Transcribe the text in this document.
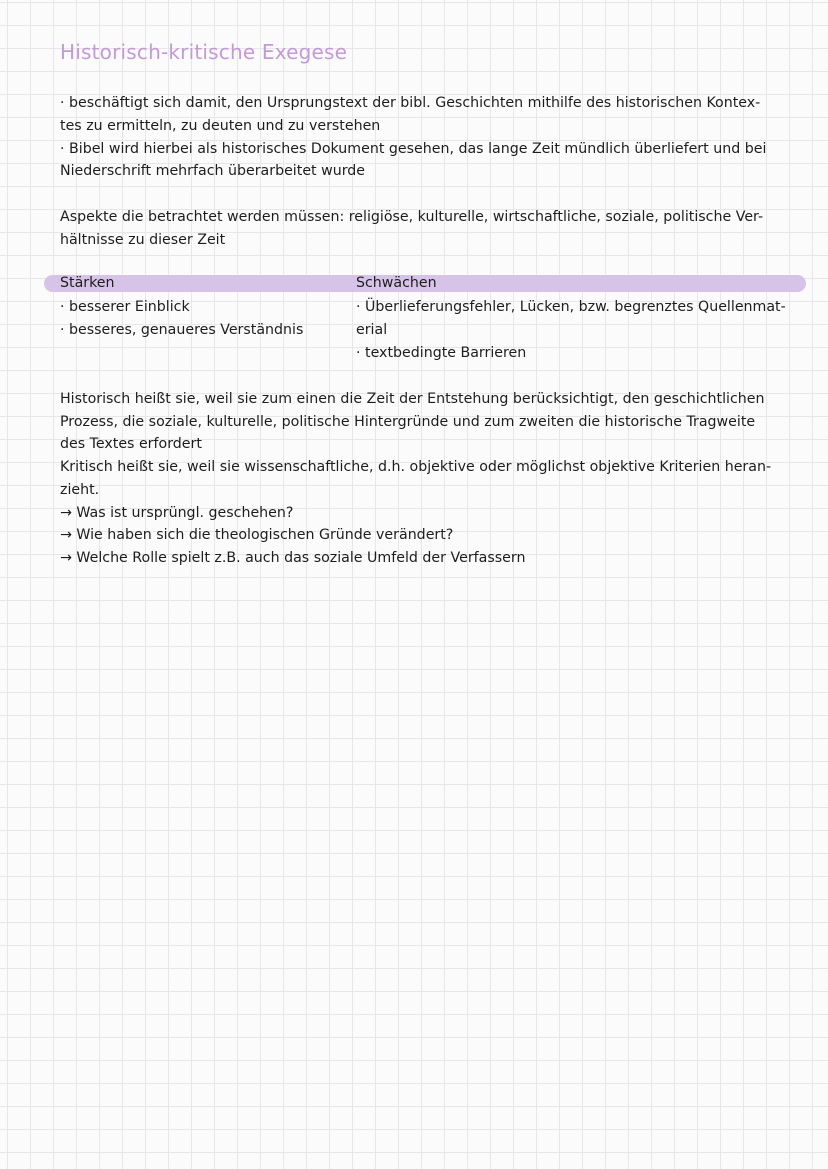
Historisch-kritische Exegese
· beschäftigt sich damit, den Ursprungstext der bibl. Geschichten mithilfe des historischen Kontex-
tes zu ermitteln, zu deuten und zu verstehen
· Bibel wird hierbei als historisches Dokument gesehen, das lange Zeit mündlich überliefert und bei
Niederschrift mehrfach überarbeitet wurde
Aspekte die betrachtet werden müssen: religiöse, kulturelle, wirtschaftliche, soziale, politische Ver-
hältnisse zu dieser Zeit
Stärken	Schwächen
· besserer Einblick
· besseres, genaueres Verständnis
· Überlieferungsfehler, Lücken, bzw. begrenztes Quellenmat-
erial
· textbedingte Barrieren
Historisch heißt sie, weil sie zum einen die Zeit der Entstehung berücksichtigt, den geschichtlichen
Prozess, die soziale, kulturelle, politische Hintergründe und zum zweiten die historische Tragweite
des Textes erfordert
Kritisch heißt sie, weil sie wissenschaftliche, d.h. objektive oder möglichst objektive Kriterien heran-
zieht.
→ Was ist ursprüngl. geschehen?
→ Wie haben sich die theologischen Gründe verändert?
→ Welche Rolle spielt z.B. auch das soziale Umfeld der Verfassern
